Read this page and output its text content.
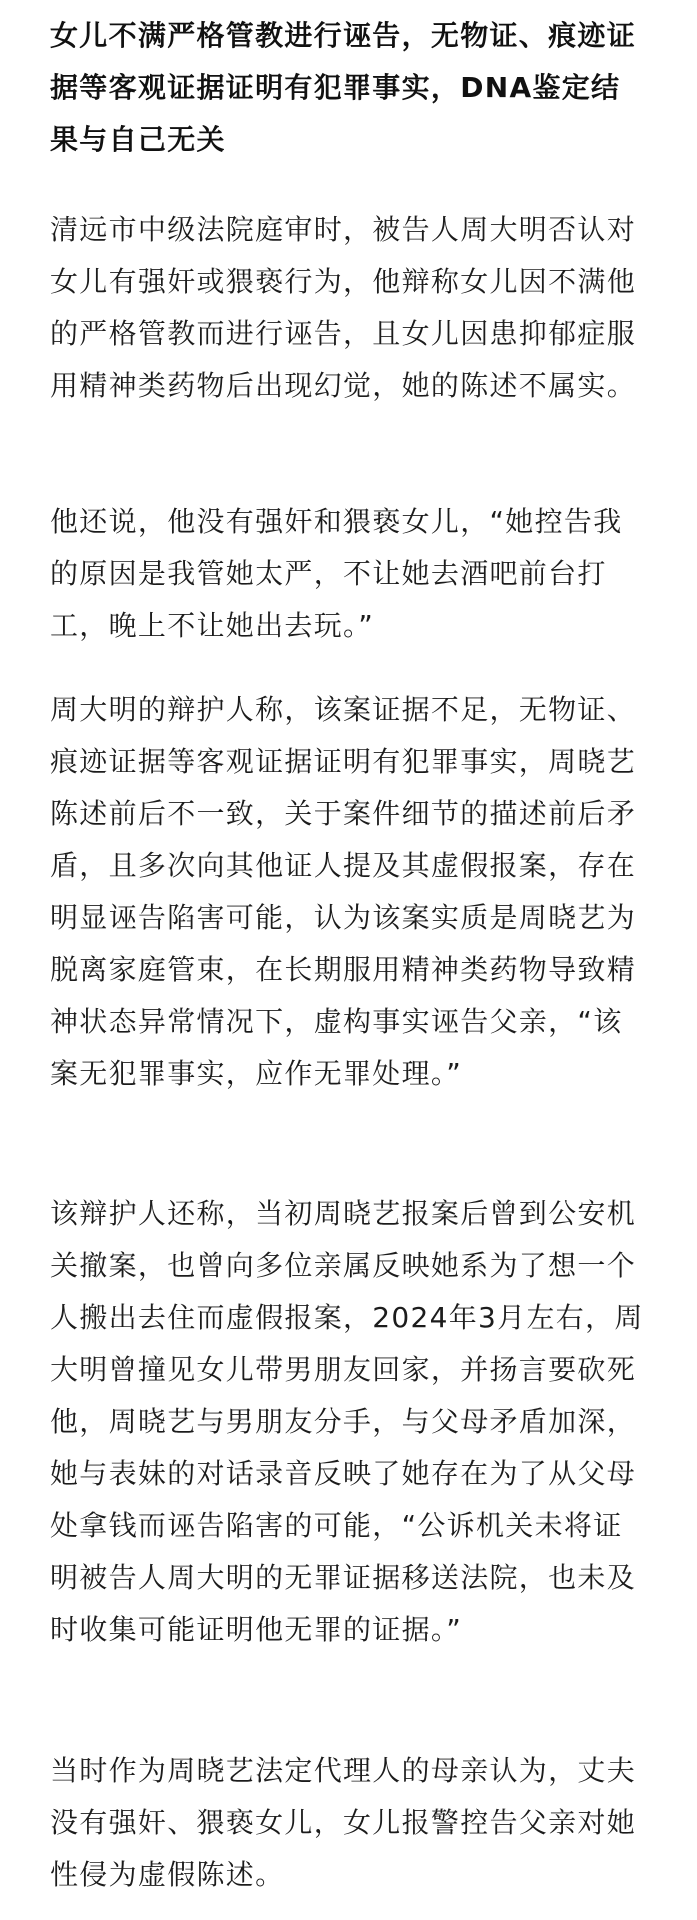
女儿不满严格管教进行诬告，无物证、痕迹证据等客观证据证明有犯罪事实，DNA鉴定结果与自己无关

清远市中级法院庭审时，被告人周大明否认对女儿有强奸或猥亵行为，他辩称女儿因不满他的严格管教而进行诬告，且女儿因患抑郁症服用精神类药物后出现幻觉，她的陈述不属实。

他还说，他没有强奸和猥亵女儿，“她控告我的原因是我管她太严，不让她去酒吧前台打工，晚上不让她出去玩。”

周大明的辩护人称，该案证据不足，无物证、痕迹证据等客观证据证明有犯罪事实，周晓艺陈述前后不一致，关于案件细节的描述前后矛盾，且多次向其他证人提及其虚假报案，存在明显诬告陷害可能，认为该案实质是周晓艺为脱离家庭管束，在长期服用精神类药物导致精神状态异常情况下，虚构事实诬告父亲，“该案无犯罪事实，应作无罪处理。”

该辩护人还称，当初周晓艺报案后曾到公安机关撤案，也曾向多位亲属反映她系为了想一个人搬出去住而虚假报案，2024年3月左右，周大明曾撞见女儿带男朋友回家，并扬言要砍死他，周晓艺与男朋友分手，与父母矛盾加深，她与表妹的对话录音反映了她存在为了从父母处拿钱而诬告陷害的可能，“公诉机关未将证明被告人周大明的无罪证据移送法院，也未及时收集可能证明他无罪的证据。”

当时作为周晓艺法定代理人的母亲认为，丈夫没有强奸、猥亵女儿，女儿报警控告父亲对她性侵为虚假陈述。
